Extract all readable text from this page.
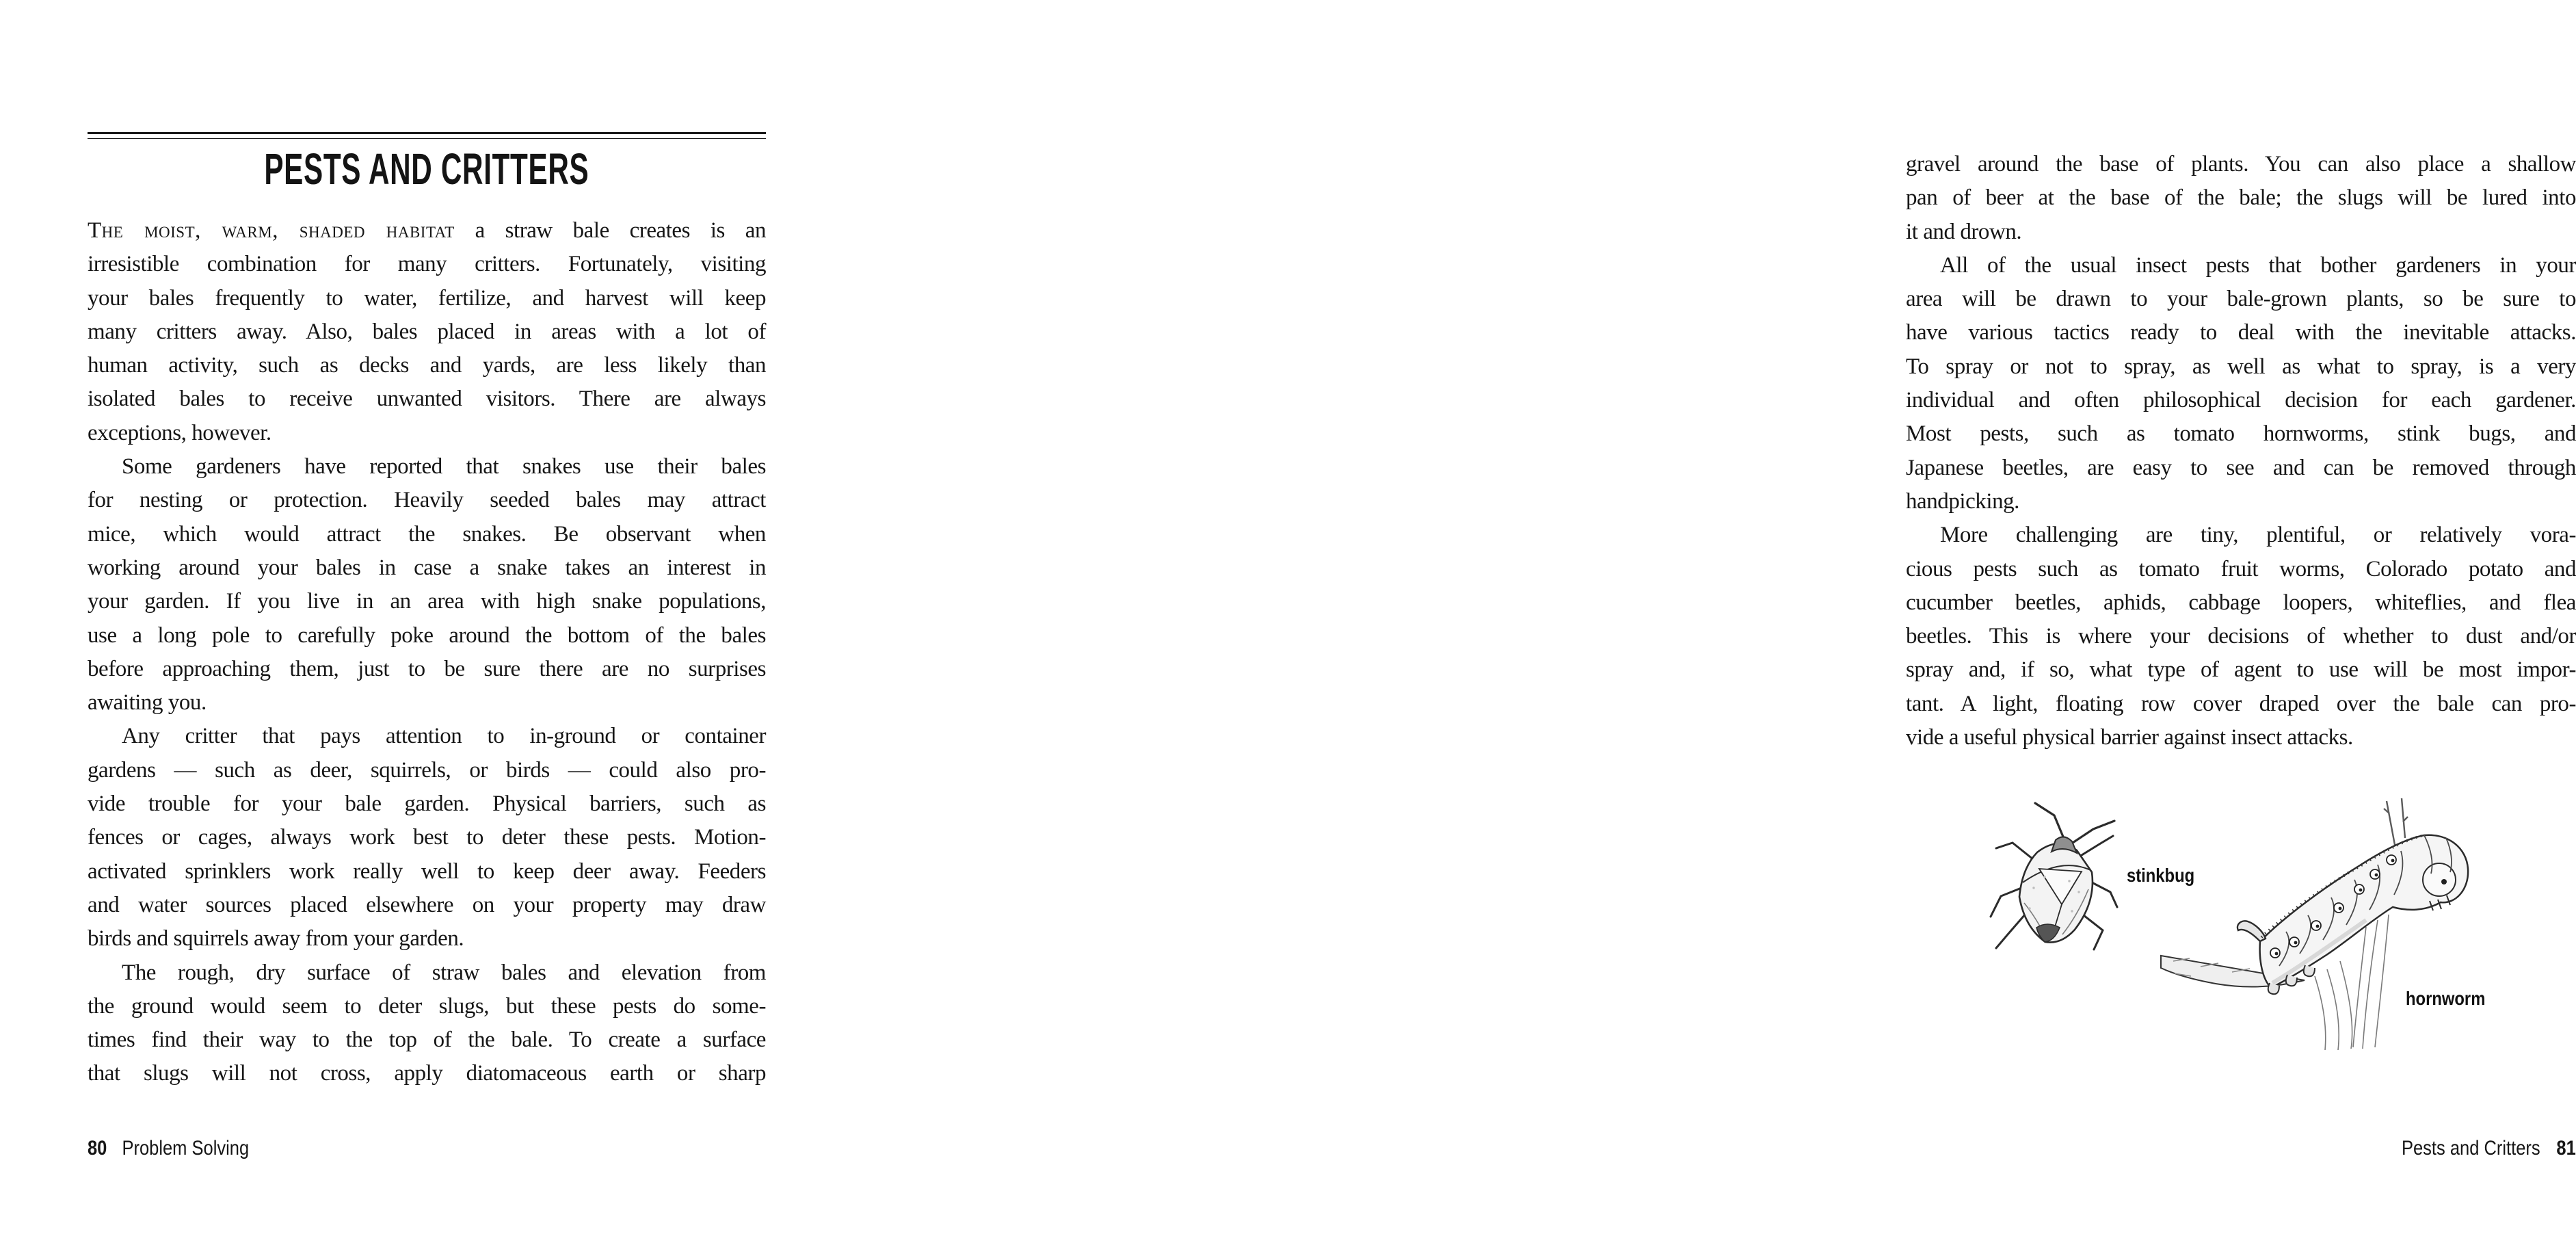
PESTS AND CRITTERS
The moist, warm, shaded habitat a straw bale creates is an
irresistible combination for many critters. Fortunately, visiting
your bales frequently to water, fertilize, and harvest will keep
many critters away. Also, bales placed in areas with a lot of
human activity, such as decks and yards, are less likely than
isolated bales to receive unwanted visitors. There are always
exceptions, however.
Some gardeners have reported that snakes use their bales
for nesting or protection. Heavily seeded bales may attract
mice, which would attract the snakes. Be observant when
working around your bales in case a snake takes an interest in
your garden. If you live in an area with high snake populations,
use a long pole to carefully poke around the bottom of the bales
before approaching them, just to be sure there are no surprises
awaiting you.
Any critter that pays attention to in-ground or container
gardens — such as deer, squirrels, or birds — could also pro-
vide trouble for your bale garden. Physical barriers, such as
fences or cages, always work best to deter these pests. Motion-
activated sprinklers work really well to keep deer away. Feeders
and water sources placed elsewhere on your property may draw
birds and squirrels away from your garden.
The rough, dry surface of straw bales and elevation from
the ground would seem to deter slugs, but these pests do some-
times find their way to the top of the bale. To create a surface
that slugs will not cross, apply diatomaceous earth or sharp
80 Problem Solving
gravel around the base of plants. You can also place a shallow
pan of beer at the base of the bale; the slugs will be lured into
it and drown.
All of the usual insect pests that bother gardeners in your
area will be drawn to your bale-grown plants, so be sure to
have various tactics ready to deal with the inevitable attacks.
To spray or not to spray, as well as what to spray, is a very
individual and often philosophical decision for each gardener.
Most pests, such as tomato hornworms, stink bugs, and
Japanese beetles, are easy to see and can be removed through
handpicking.
More challenging are tiny, plentiful, or relatively vora-
cious pests such as tomato fruit worms, Colorado potato and
cucumber beetles, aphids, cabbage loopers, whiteflies, and flea
beetles. This is where your decisions of whether to dust and/or
spray and, if so, what type of agent to use will be most impor-
tant. A light, floating row cover draped over the bale can pro-
vide a useful physical barrier against insect attacks.
stinkbug
hornworm
Pests and Critters 81
